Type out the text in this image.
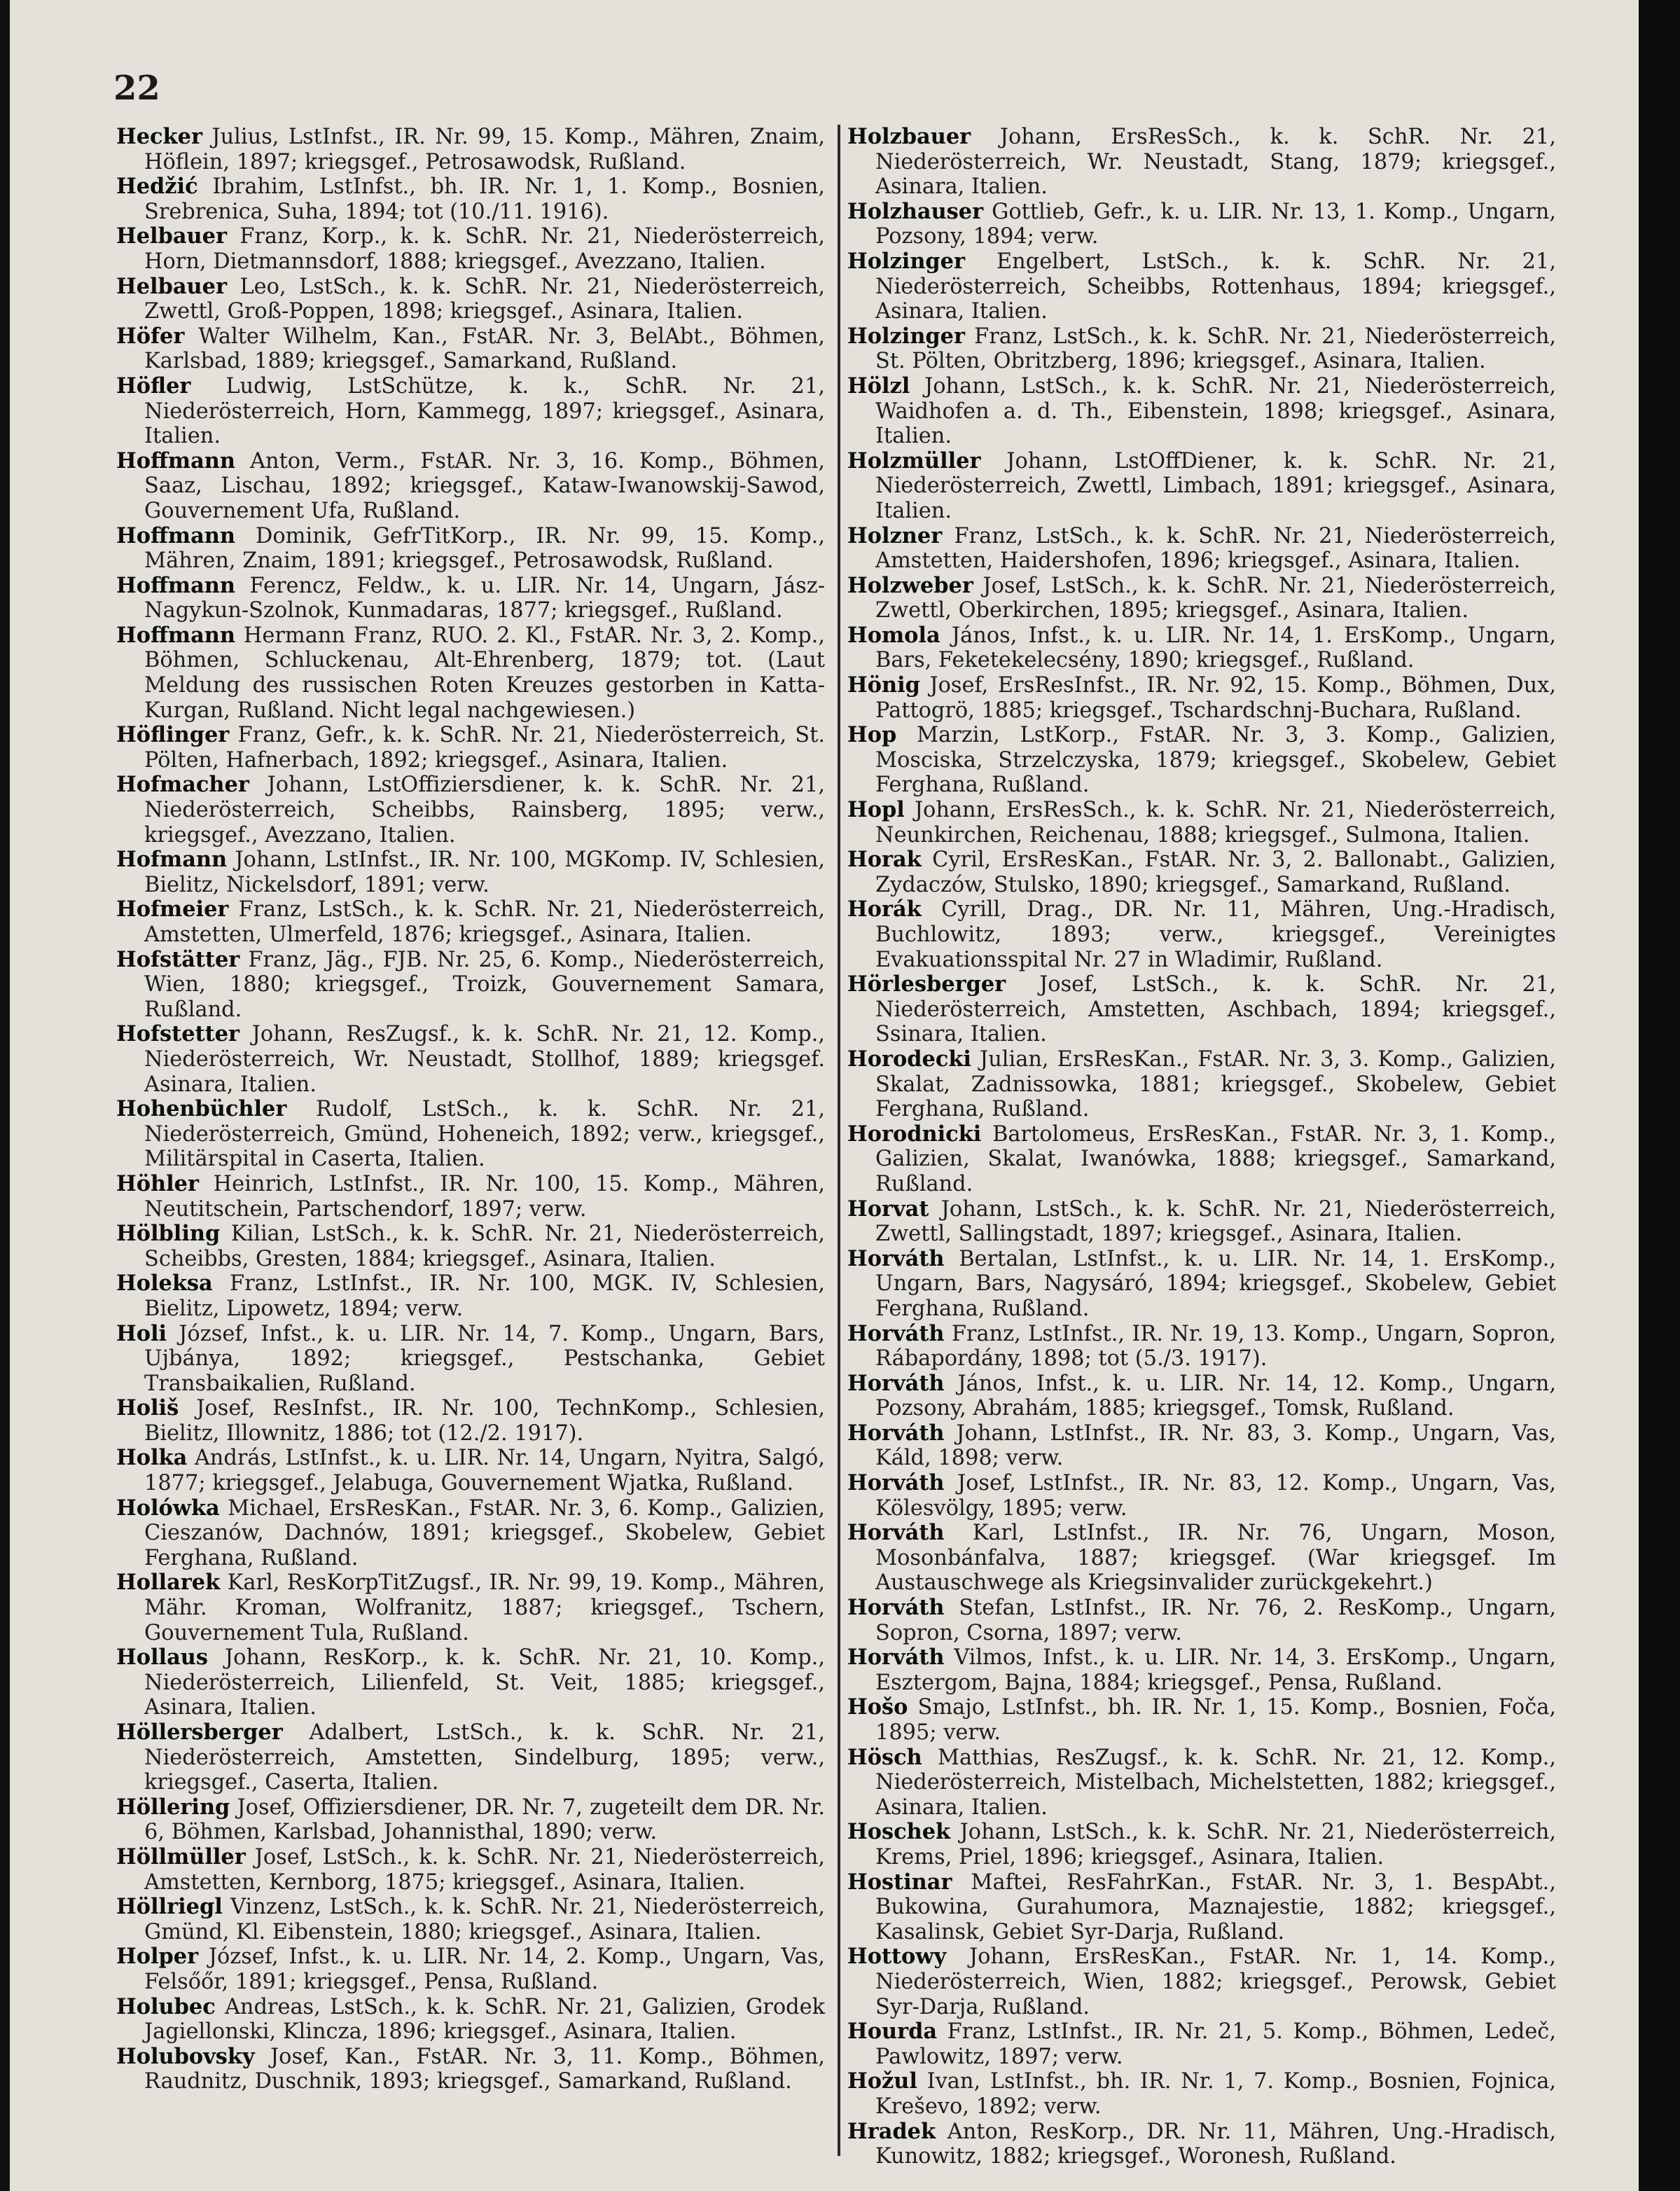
22

Hecker Julius, LstInfst., IR. Nr. 99, 15. Komp., Mähren, Znaim, Höflein, 1897; kriegsgef., Petrosawodsk, Rußland.

Hedžić Ibrahim, LstInfst., bh. IR. Nr. 1, 1. Komp., Bosnien, Srebrenica, Suha, 1894; tot (10./11. 1916).

Helbauer Franz, Korp., k. k. SchR. Nr. 21, Niederösterreich, Horn, Dietmannsdorf, 1888; kriegsgef., Avezzano, Italien.

Helbauer Leo, LstSch., k. k. SchR. Nr. 21, Niederösterreich, Zwettl, Groß-Poppen, 1898; kriegsgef., Asinara, Italien.

Höfer Walter Wilhelm, Kan., FstAR. Nr. 3, BelAbt., Böhmen, Karlsbad, 1889; kriegsgef., Samarkand, Rußland.

Höfler Ludwig, LstSchütze, k. k., SchR. Nr. 21, Niederösterreich, Horn, Kammegg, 1897; kriegsgef., Asinara, Italien.

Hoffmann Anton, Verm., FstAR. Nr. 3, 16. Komp., Böhmen, Saaz, Lischau, 1892; kriegsgef., Kataw-Iwanowskij-Sawod, Gouvernement Ufa, Rußland.

Hoffmann Dominik, GefrTitKorp., IR. Nr. 99, 15. Komp., Mähren, Znaim, 1891; kriegsgef., Petrosawodsk, Rußland.

Hoffmann Ferencz, Feldw., k. u. LIR. Nr. 14, Ungarn, Jász-Nagykun-Szolnok, Kunmadaras, 1877; kriegsgef., Rußland.

Hoffmann Hermann Franz, RUO. 2. Kl., FstAR. Nr. 3, 2. Komp., Böhmen, Schluckenau, Alt-Ehrenberg, 1879; tot. (Laut Meldung des russischen Roten Kreuzes gestorben in Katta-Kurgan, Rußland. Nicht legal nachgewiesen.)

Höflinger Franz, Gefr., k. k. SchR. Nr. 21, Niederösterreich, St. Pölten, Hafnerbach, 1892; kriegsgef., Asinara, Italien.

Hofmacher Johann, LstOffiziersdiener, k. k. SchR. Nr. 21, Niederösterreich, Scheibbs, Rainsberg, 1895; verw., kriegsgef., Avezzano, Italien.

Hofmann Johann, LstInfst., IR. Nr. 100, MGKomp. IV, Schlesien, Bielitz, Nickelsdorf, 1891; verw.

Hofmeier Franz, LstSch., k. k. SchR. Nr. 21, Niederösterreich, Amstetten, Ulmerfeld, 1876; kriegsgef., Asinara, Italien.

Hofstätter Franz, Jäg., FJB. Nr. 25, 6. Komp., Niederösterreich, Wien, 1880; kriegsgef., Troizk, Gouvernement Samara, Rußland.

Hofstetter Johann, ResZugsf., k. k. SchR. Nr. 21, 12. Komp., Niederösterreich, Wr. Neustadt, Stollhof, 1889; kriegsgef. Asinara, Italien.

Hohenbüchler Rudolf, LstSch., k. k. SchR. Nr. 21, Niederösterreich, Gmünd, Hoheneich, 1892; verw., kriegsgef., Militärspital in Caserta, Italien.

Höhler Heinrich, LstInfst., IR. Nr. 100, 15. Komp., Mähren, Neutitschein, Partschendorf, 1897; verw.

Hölbling Kilian, LstSch., k. k. SchR. Nr. 21, Niederösterreich, Scheibbs, Gresten, 1884; kriegsgef., Asinara, Italien.

Holeksa Franz, LstInfst., IR. Nr. 100, MGK. IV, Schlesien, Bielitz, Lipowetz, 1894; verw.

Holi József, Infst., k. u. LIR. Nr. 14, 7. Komp., Ungarn, Bars, Ujbánya, 1892; kriegsgef., Pestschanka, Gebiet Transbaikalien, Rußland.

Holiš Josef, ResInfst., IR. Nr. 100, TechnKomp., Schlesien, Bielitz, Illownitz, 1886; tot (12./2. 1917).

Holka András, LstInfst., k. u. LIR. Nr. 14, Ungarn, Nyitra, Salgó, 1877; kriegsgef., Jelabuga, Gouvernement Wjatka, Rußland.

Holówka Michael, ErsResKan., FstAR. Nr. 3, 6. Komp., Galizien, Cieszanów, Dachnów, 1891; kriegsgef., Skobelew, Gebiet Ferghana, Rußland.

Hollarek Karl, ResKorpTitZugsf., IR. Nr. 99, 19. Komp., Mähren, Mähr. Kroman, Wolfranitz, 1887; kriegsgef., Tschern, Gouvernement Tula, Rußland.

Hollaus Johann, ResKorp., k. k. SchR. Nr. 21, 10. Komp., Niederösterreich, Lilienfeld, St. Veit, 1885; kriegsgef., Asinara, Italien.

Höllersberger Adalbert, LstSch., k. k. SchR. Nr. 21, Niederösterreich, Amstetten, Sindelburg, 1895; verw., kriegsgef., Caserta, Italien.

Höllering Josef, Offiziersdiener, DR. Nr. 7, zugeteilt dem DR. Nr. 6, Böhmen, Karlsbad, Johannisthal, 1890; verw.

Höllmüller Josef, LstSch., k. k. SchR. Nr. 21, Niederösterreich, Amstetten, Kernborg, 1875; kriegsgef., Asinara, Italien.

Höllriegl Vinzenz, LstSch., k. k. SchR. Nr. 21, Niederösterreich, Gmünd, Kl. Eibenstein, 1880; kriegsgef., Asinara, Italien.

Holper József, Infst., k. u. LIR. Nr. 14, 2. Komp., Ungarn, Vas, Felsőőr, 1891; kriegsgef., Pensa, Rußland.

Holubec Andreas, LstSch., k. k. SchR. Nr. 21, Galizien, Grodek Jagiellonski, Klincza, 1896; kriegsgef., Asinara, Italien.

Holubovsky Josef, Kan., FstAR. Nr. 3, 11. Komp., Böhmen, Raudnitz, Duschnik, 1893; kriegsgef., Samarkand, Rußland.

Holzbauer Johann, ErsResSch., k. k. SchR. Nr. 21, Niederösterreich, Wr. Neustadt, Stang, 1879; kriegsgef., Asinara, Italien.

Holzhauser Gottlieb, Gefr., k. u. LIR. Nr. 13, 1. Komp., Ungarn, Pozsony, 1894; verw.

Holzinger Engelbert, LstSch., k. k. SchR. Nr. 21, Niederösterreich, Scheibbs, Rottenhaus, 1894; kriegsgef., Asinara, Italien.

Holzinger Franz, LstSch., k. k. SchR. Nr. 21, Niederösterreich, St. Pölten, Obritzberg, 1896; kriegsgef., Asinara, Italien.

Hölzl Johann, LstSch., k. k. SchR. Nr. 21, Niederösterreich, Waidhofen a. d. Th., Eibenstein, 1898; kriegsgef., Asinara, Italien.

Holzmüller Johann, LstOffDiener, k. k. SchR. Nr. 21, Niederösterreich, Zwettl, Limbach, 1891; kriegsgef., Asinara, Italien.

Holzner Franz, LstSch., k. k. SchR. Nr. 21, Niederösterreich, Amstetten, Haidershofen, 1896; kriegsgef., Asinara, Italien.

Holzweber Josef, LstSch., k. k. SchR. Nr. 21, Niederösterreich, Zwettl, Oberkirchen, 1895; kriegsgef., Asinara, Italien.

Homola János, Infst., k. u. LIR. Nr. 14, 1. ErsKomp., Ungarn, Bars, Feketekelecsény, 1890; kriegsgef., Rußland.

Hönig Josef, ErsResInfst., IR. Nr. 92, 15. Komp., Böhmen, Dux, Pattogrö, 1885; kriegsgef., Tschardschnj-Buchara, Rußland.

Hop Marzin, LstKorp., FstAR. Nr. 3, 3. Komp., Galizien, Mosciska, Strzelczyska, 1879; kriegsgef., Skobelew, Gebiet Ferghana, Rußland.

Hopl Johann, ErsResSch., k. k. SchR. Nr. 21, Niederösterreich, Neunkirchen, Reichenau, 1888; kriegsgef., Sulmona, Italien.

Horak Cyril, ErsResKan., FstAR. Nr. 3, 2. Ballonabt., Galizien, Zydaczów, Stulsko, 1890; kriegsgef., Samarkand, Rußland.

Horák Cyrill, Drag., DR. Nr. 11, Mähren, Ung.-Hradisch, Buchlowitz, 1893; verw., kriegsgef., Vereinigtes Evakuationsspital Nr. 27 in Wladimir, Rußland.

Hörlesberger Josef, LstSch., k. k. SchR. Nr. 21, Niederösterreich, Amstetten, Aschbach, 1894; kriegsgef., Ssinara, Italien.

Horodecki Julian, ErsResKan., FstAR. Nr. 3, 3. Komp., Galizien, Skalat, Zadnissowka, 1881; kriegsgef., Skobelew, Gebiet Ferghana, Rußland.

Horodnicki Bartolomeus, ErsResKan., FstAR. Nr. 3, 1. Komp., Galizien, Skalat, Iwanówka, 1888; kriegsgef., Samarkand, Rußland.

Horvat Johann, LstSch., k. k. SchR. Nr. 21, Niederösterreich, Zwettl, Sallingstadt, 1897; kriegsgef., Asinara, Italien.

Horváth Bertalan, LstInfst., k. u. LIR. Nr. 14, 1. ErsKomp., Ungarn, Bars, Nagysáró, 1894; kriegsgef., Skobelew, Gebiet Ferghana, Rußland.

Horváth Franz, LstInfst., IR. Nr. 19, 13. Komp., Ungarn, Sopron, Rábapordány, 1898; tot (5./3. 1917).

Horváth János, Infst., k. u. LIR. Nr. 14, 12. Komp., Ungarn, Pozsony, Abrahám, 1885; kriegsgef., Tomsk, Rußland.

Horváth Johann, LstInfst., IR. Nr. 83, 3. Komp., Ungarn, Vas, Káld, 1898; verw.

Horváth Josef, LstInfst., IR. Nr. 83, 12. Komp., Ungarn, Vas, Kölesvölgy, 1895; verw.

Horváth Karl, LstInfst., IR. Nr. 76, Ungarn, Moson, Mosonbánfalva, 1887; kriegsgef. (War kriegsgef. Im Austauschwege als Kriegsinvalider zurückgekehrt.)

Horváth Stefan, LstInfst., IR. Nr. 76, 2. ResKomp., Ungarn, Sopron, Csorna, 1897; verw.

Horváth Vilmos, Infst., k. u. LIR. Nr. 14, 3. ErsKomp., Ungarn, Esztergom, Bajna, 1884; kriegsgef., Pensa, Rußland.

Hošo Smajo, LstInfst., bh. IR. Nr. 1, 15. Komp., Bosnien, Foča, 1895; verw.

Hösch Matthias, ResZugsf., k. k. SchR. Nr. 21, 12. Komp., Niederösterreich, Mistelbach, Michelstetten, 1882; kriegsgef., Asinara, Italien.

Hoschek Johann, LstSch., k. k. SchR. Nr. 21, Niederösterreich, Krems, Priel, 1896; kriegsgef., Asinara, Italien.

Hostinar Maftei, ResFahrKan., FstAR. Nr. 3, 1. BespAbt., Bukowina, Gurahumora, Maznajestie, 1882; kriegsgef., Kasalinsk, Gebiet Syr-Darja, Rußland.

Hottowy Johann, ErsResKan., FstAR. Nr. 1, 14. Komp., Niederösterreich, Wien, 1882; kriegsgef., Perowsk, Gebiet Syr-Darja, Rußland.

Hourda Franz, LstInfst., IR. Nr. 21, 5. Komp., Böhmen, Ledeč, Pawlowitz, 1897; verw.

Hožul Ivan, LstInfst., bh. IR. Nr. 1, 7. Komp., Bosnien, Fojnica, Kreševo, 1892; verw.

Hradek Anton, ResKorp., DR. Nr. 11, Mähren, Ung.-Hradisch, Kunowitz, 1882; kriegsgef., Woronesh, Rußland.
